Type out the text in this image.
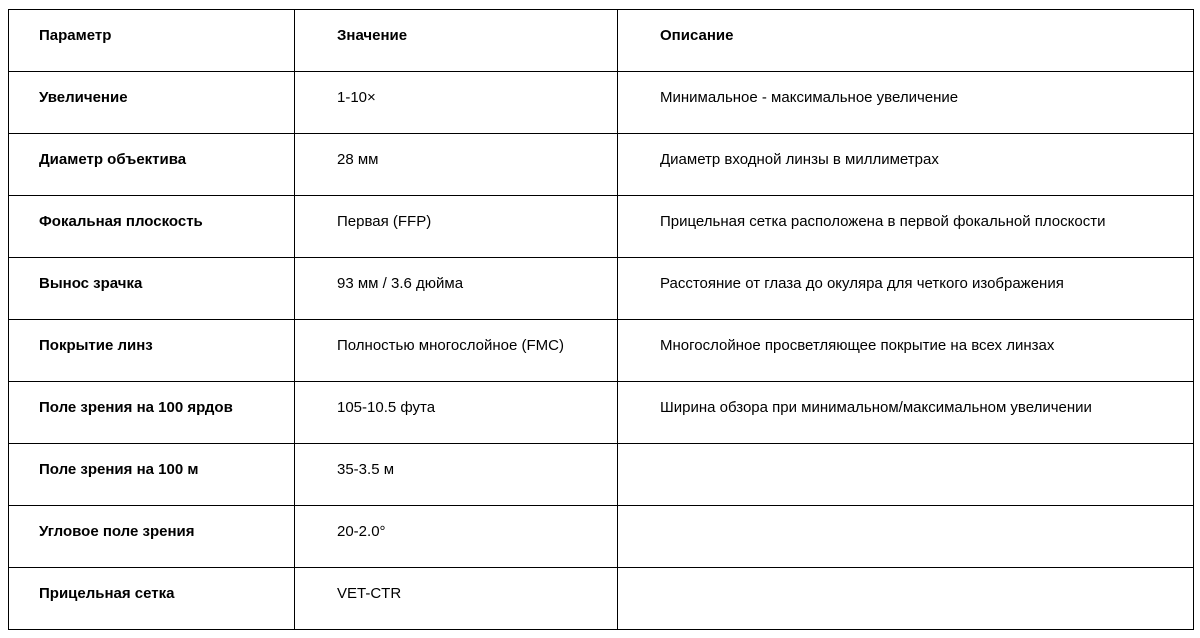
Параметр	Значение	Описание

Увеличение	1-10×	Минимальное - максимальное увеличение

Диаметр объектива	28 мм	Диаметр входной линзы в миллиметрах

Фокальная плоскость	Первая (FFP)	Прицельная сетка расположена в первой фокальной плоскости

Вынос зрачка	93 мм / 3.6 дюйма	Расстояние от глаза до окуляра для четкого изображения

Покрытие линз	Полностью многослойное (FMC)	Многослойное просветляющее покрытие на всех линзах

Поле зрения на 100 ярдов	105-10.5 фута	Ширина обзора при минимальном/максимальном увеличении

Поле зрения на 100 м	35-3.5 м	

Угловое поле зрения	20-2.0°	

Прицельная сетка	VET-CTR	
